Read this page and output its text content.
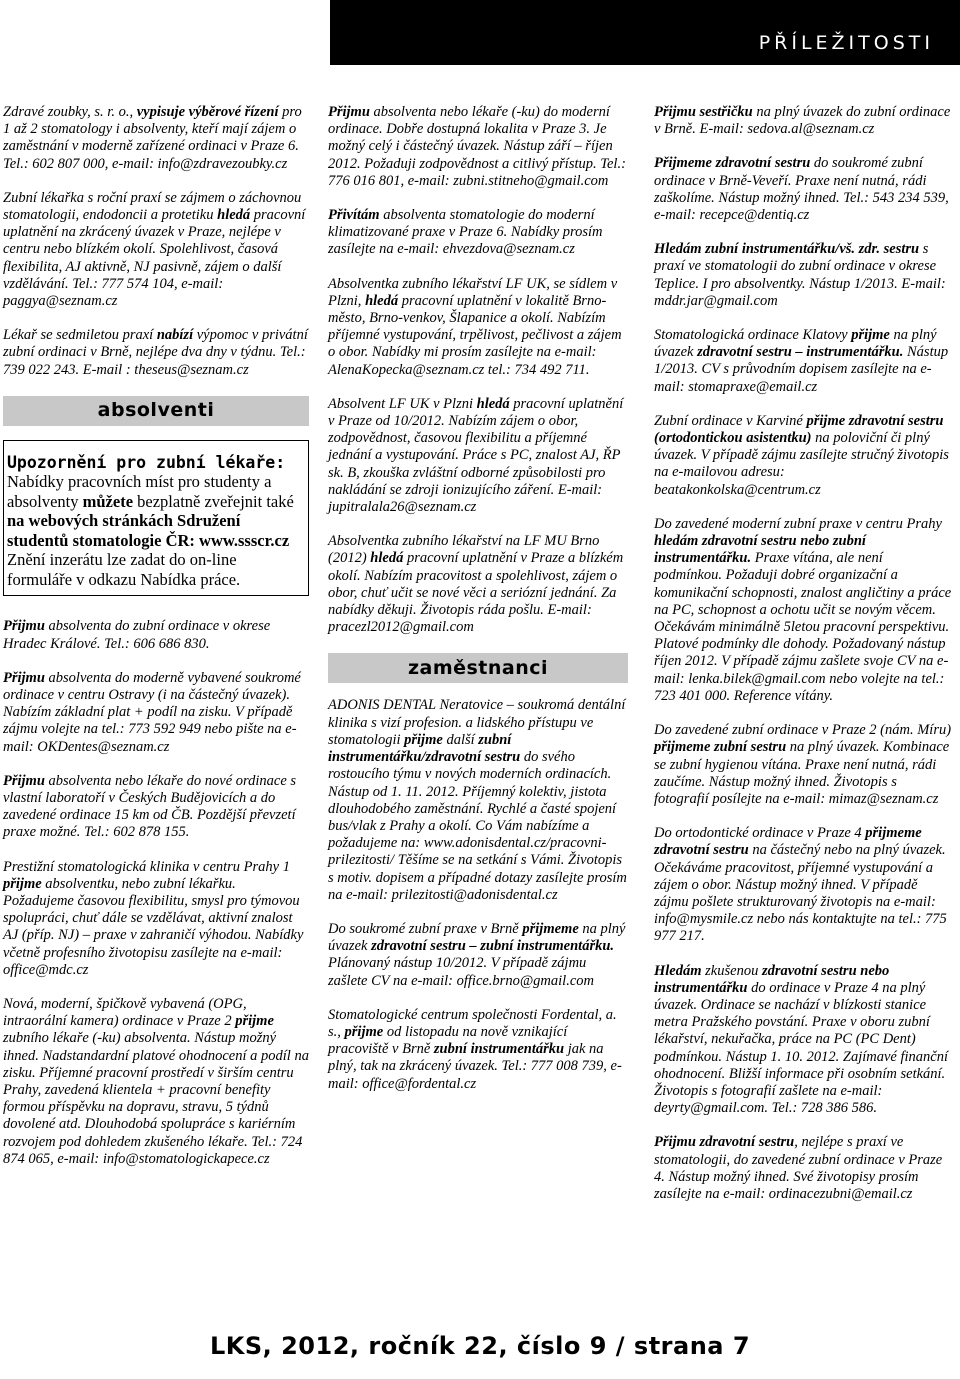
PŘÍLEŽITOSTI

Zdravé zoubky, s. r. o., vypisuje výběrové řízení pro 1 až 2 stomatology i absolventy, kteří mají zájem o zaměstnání v moderně zařízené ordinaci v Praze 6. Tel.: 602 807 000, e-mail: info@zdravezoubky.cz

Zubní lékařka s roční praxí se zájmem o záchovnou stomatologii, endodoncii a protetiku hledá pracovní uplatnění na zkrácený úvazek v Praze, nejlépe v centru nebo blízkém okolí. Spolehlivost, časová flexibilita, AJ aktivně, NJ pasivně, zájem o další vzdělávání. Tel.: 777 574 104, e-mail: paggya@seznam.cz

Lékař se sedmiletou praxí nabízí výpomoc v privátní zubní ordinaci v Brně, nejlépe dva dny v týdnu. Tel.: 739 022 243. E-mail : theseus@seznam.cz

absolventi
Upozornění pro zubní lékaře:
Nabídky pracovních míst pro studenty a absolventy můžete bezplatně zveřejnit také na webových stránkách Sdružení studentů stomatologie ČR: www.ssscr.cz
Znění inzerátu lze zadat do on-line formuláře v odkazu Nabídka práce.

Přijmu absolventa do zubní ordinace v okrese Hradec Králové. Tel.: 606 686 830.

Přijmu absolventa do moderně vybavené soukromé ordinace v centru Ostravy (i na částečný úvazek). Nabízím základní plat + podíl na zisku. V případě zájmu volejte na tel.: 773 592 949 nebo pište na e-mail: OKDentes@seznam.cz

Přijmu absolventa nebo lékaře do nové ordinace s vlastní laboratoří v Českých Budějovicích a do zavedené ordinace 15 km od ČB. Pozdější převzetí praxe možné. Tel.: 602 878 155.

Prestižní stomatologická klinika v centru Prahy 1 přijme absolventku, nebo zubní lékařku. Požadujeme časovou flexibilitu, smysl pro týmovou spolupráci, chuť dále se vzdělávat, aktivní znalost AJ (příp. NJ) – praxe v zahraničí výhodou. Nabídky včetně profesního životopisu zasílejte na e-mail: office@mdc.cz

Nová, moderní, špičkově vybavená (OPG, intraorální kamera) ordinace v Praze 2 přijme zubního lékaře (-ku) absolventa. Nástup možný ihned. Nadstandardní platové ohodnocení a podíl na zisku. Příjemné pracovní prostředí v širším centru Prahy, zavedená klientela + pracovní benefity formou příspěvku na dopravu, stravu, 5 týdnů dovolené atd. Dlouhodobá spolupráce s kariérním rozvojem pod dohledem zkušeného lékaře. Tel.: 724 874 065, e-mail: info@stomatologickapece.cz

Přijmu absolventa nebo lékaře (-ku) do moderní ordinace. Dobře dostupná lokalita v Praze 3. Je možný celý i částečný úvazek. Nástup září – říjen 2012. Požaduji zodpovědnost a citlivý přístup. Tel.: 776 016 801, e-mail: zubni.stitneho@gmail.com

Přivítám absolventa stomatologie do moderní klimatizované praxe v Praze 6. Nabídky prosím zasílejte na e-mail: ehvezdova@seznam.cz

Absolventka zubního lékařství LF UK, se sídlem v Plzni, hledá pracovní uplatnění v lokalitě Brno-město, Brno-venkov, Šlapanice a okolí. Nabízím příjemné vystupování, trpělivost, pečlivost a zájem o obor. Nabídky mi prosím zasílejte na e-mail: AlenaKopecka@seznam.cz tel.: 734 492 711.

Absolvent LF UK v Plzni hledá pracovní uplatnění v Praze od 10/2012. Nabízím zájem o obor, zodpovědnost, časovou flexibilitu a příjemné jednání a vystupování. Práce s PC, znalost AJ, ŘP sk. B, zkouška zvláštní odborné způsobilosti pro nakládání se zdroji ionizujícího záření. E-mail: jupitralala26@seznam.cz

Absolventka zubního lékařství na LF MU Brno (2012) hledá pracovní uplatnění v Praze a blízkém okolí. Nabízím pracovitost a spolehlivost, zájem o obor, chuť učit se nové věci a seriózní jednání. Za nabídky děkuji. Životopis ráda pošlu. E-mail: pracezl2012@gmail.com

zaměstnanci

ADONIS DENTAL Neratovice – soukromá dentální klinika s vizí profesion. a lidského přístupu ve stomatologii přijme další zubní instrumentářku/zdravotní sestru do svého rostoucího týmu v nových moderních ordinacích. Nástup od 1. 11. 2012. Příjemný kolektiv, jistota dlouhodobého zaměstnání. Rychlé a časté spojení bus/vlak z Prahy a okolí. Co Vám nabízíme a požadujeme na: www.adonisdental.cz/pracovni-prilezitosti/ Těšíme se na setkání s Vámi. Životopis s motiv. dopisem a případné dotazy zasílejte prosím na e-mail: prilezitosti@adonisdental.cz

Do soukromé zubní praxe v Brně přijmeme na plný úvazek zdravotní sestru – zubní instrumentářku. Plánovaný nástup 10/2012. V případě zájmu zašlete CV na e-mail: office.brno@gmail.com

Stomatologické centrum společnosti Fordental, a. s., přijme od listopadu na nově vznikající pracoviště v Brně zubní instrumentářku jak na plný, tak na zkrácený úvazek. Tel.: 777 008 739, e-mail: office@fordental.cz

Přijmu sestřičku na plný úvazek do zubní ordinace v Brně. E-mail: sedova.al@seznam.cz

Přijmeme zdravotní sestru do soukromé zubní ordinace v Brně-Veveří. Praxe není nutná, rádi zaškolíme. Nástup možný ihned. Tel.: 543 234 539, e-mail: recepce@dentiq.cz

Hledám zubní instrumentářku/vš. zdr. sestru s praxí ve stomatologii do zubní ordinace v okrese Teplice. I pro absolventky. Nástup 1/2013. E-mail: mddr.jar@gmail.com

Stomatologická ordinace Klatovy přijme na plný úvazek zdravotní sestru – instrumentářku. Nástup 1/2013. CV s průvodním dopisem zasílejte na e-mail: stomapraxe@email.cz

Zubní ordinace v Karviné přijme zdravotní sestru (ortodontickou asistentku) na poloviční či plný úvazek. V případě zájmu zasílejte stručný životopis na e-mailovou adresu: beatakonkolska@centrum.cz

Do zavedené moderní zubní praxe v centru Prahy hledám zdravotní sestru nebo zubní instrumentářku. Praxe vítána, ale není podmínkou. Požaduji dobré organizační a komunikační schopnosti, znalost angličtiny a práce na PC, schopnost a ochotu učit se novým věcem. Očekávám minimálně 5letou pracovní perspektivu. Platové podmínky dle dohody. Požadovaný nástup říjen 2012. V případě zájmu zašlete svoje CV na e-mail: lenka.bilek@gmail.com nebo volejte na tel.: 723 401 000. Reference vítány.

Do zavedené zubní ordinace v Praze 2 (nám. Míru) přijmeme zubní sestru na plný úvazek. Kombinace se zubní hygienou vítána. Praxe není nutná, rádi zaučíme. Nástup možný ihned. Životopis s fotografií posílejte na e-mail: mimaz@seznam.cz

Do ortodontické ordinace v Praze 4 přijmeme zdravotní sestru na částečný nebo na plný úvazek. Očekáváme pracovitost, příjemné vystupování a zájem o obor. Nástup možný ihned. V případě zájmu pošlete strukturovaný životopis na e-mail: info@mysmile.cz nebo nás kontaktujte na tel.: 775 977 217.

Hledám zkušenou zdravotní sestru nebo instrumentářku do ordinace v Praze 4 na plný úvazek. Ordinace se nachází v blízkosti stanice metra Pražského povstání. Praxe v oboru zubní lékařství, nekuřačka, práce na PC (PC Dent) podmínkou. Nástup 1. 10. 2012. Zajímavé finanční ohodnocení. Bližší informace při osobním setkání. Životopis s fotografií zašlete na e-mail: deyrty@gmail.com. Tel.: 728 386 586.

Přijmu zdravotní sestru, nejlépe s praxí ve stomatologii, do zavedené zubní ordinace v Praze 4. Nástup možný ihned. Své životopisy prosím zasílejte na e-mail: ordinacezubni@email.cz

LKS, 2012, ročník 22, číslo 9 / strana 7
